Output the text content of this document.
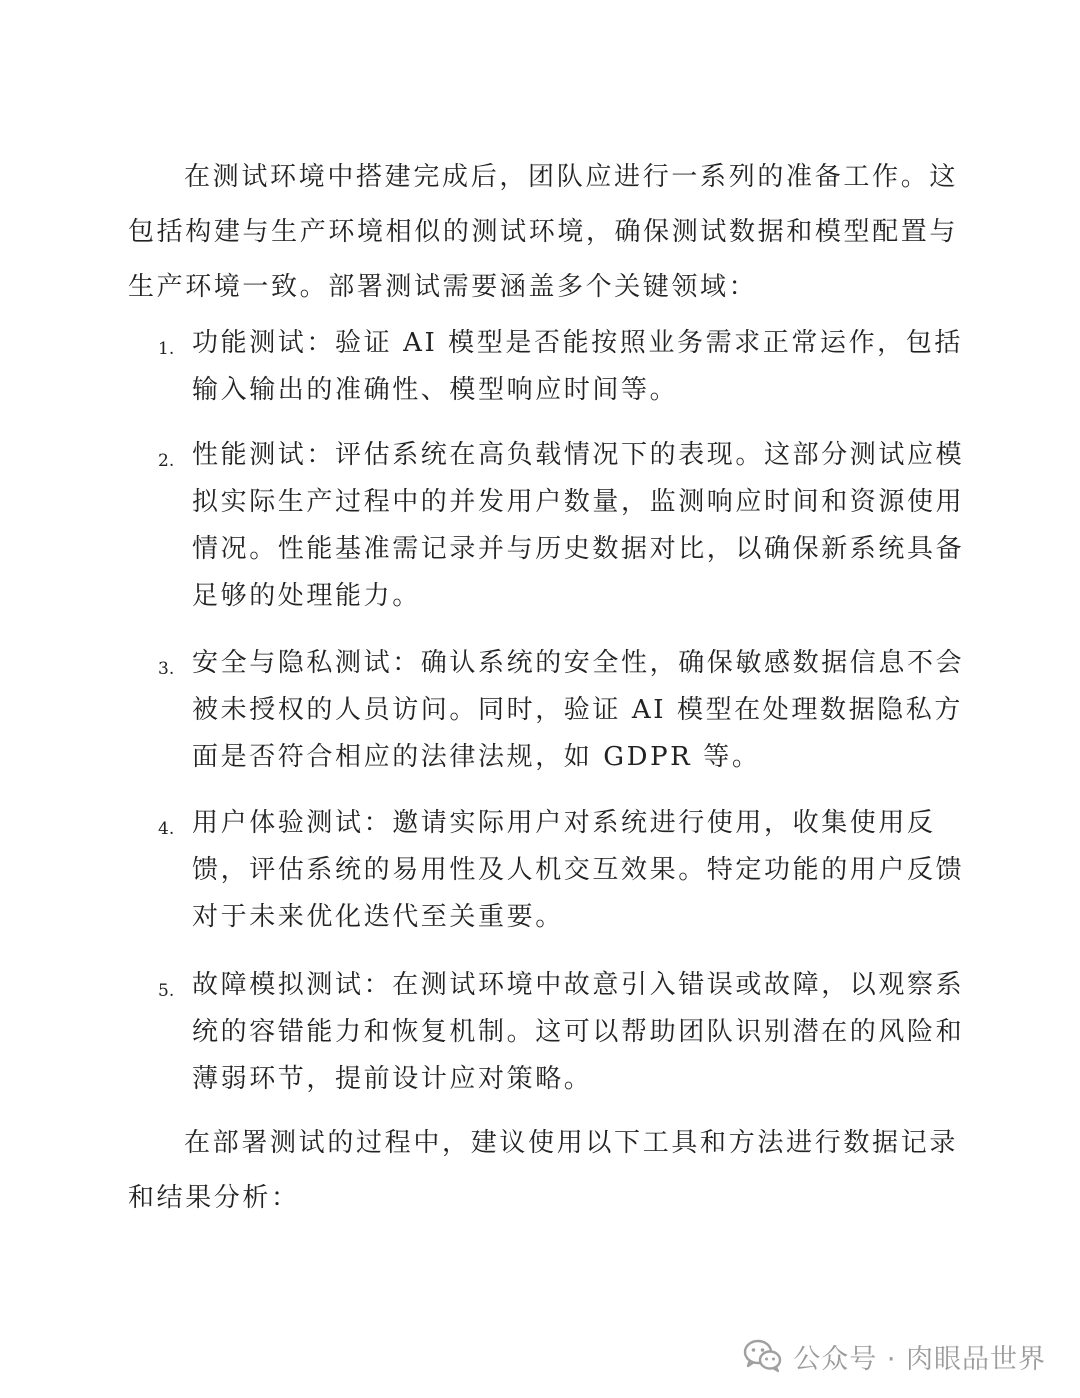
在测试环境中搭建完成后，团队应进行一系列的准备工作。这包括构建与生产环境相似的测试环境，确保测试数据和模型配置与生产环境一致。部署测试需要涵盖多个关键领域：

1. 功能测试：验证 AI 模型是否能按照业务需求正常运作，包括输入输出的准确性、模型响应时间等。

2. 性能测试：评估系统在高负载情况下的表现。这部分测试应模拟实际生产过程中的并发用户数量，监测响应时间和资源使用情况。性能基准需记录并与历史数据对比，以确保新系统具备足够的处理能力。

3. 安全与隐私测试：确认系统的安全性，确保敏感数据信息不会被未授权的人员访问。同时，验证 AI 模型在处理数据隐私方面是否符合相应的法律法规，如 GDPR 等。

4. 用户体验测试：邀请实际用户对系统进行使用，收集使用反馈，评估系统的易用性及人机交互效果。特定功能的用户反馈对于未来优化迭代至关重要。

5. 故障模拟测试：在测试环境中故意引入错误或故障，以观察系统的容错能力和恢复机制。这可以帮助团队识别潜在的风险和薄弱环节，提前设计应对策略。

在部署测试的过程中，建议使用以下工具和方法进行数据记录和结果分析：

公众号 · 肉眼品世界
